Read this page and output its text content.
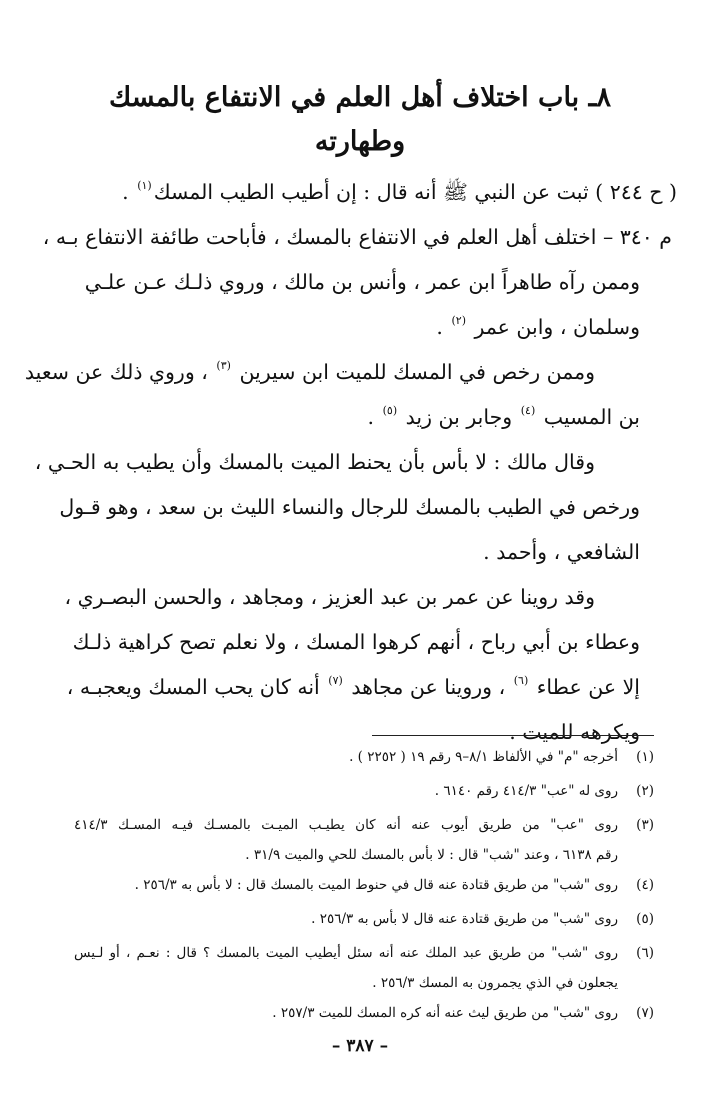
٨ـ باب اختلاف أهل العلم في الانتفاع بالمسك وطهارته
( ح ٢٤٤ ) ثبت عن النبي ﷺ أنه قال : إن أطيب الطيب المسك$^{(١)}$ .
م ٣٤٠ – اختلف أهل العلم في الانتفاع بالمسك ، فأباحت طائفة الانتفاع بـه ،
وممن رآه طاهراً ابن عمر ، وأنس بن مالك ، وروي ذلـك عـن علـي
وسلمان ، وابن عمر $^{(٢)}$ .
وممن رخص في المسك للميت ابن سيرين $^{(٣)}$ ، وروي ذلك عن سعيد
بن المسيب $^{(٤)}$ وجابر بن زيد $^{(٥)}$ .
وقال مالك : لا بأس بأن يحنط الميت بالمسك وأن يطيب به الحـي ،
ورخص في الطيب بالمسك للرجال والنساء الليث بن سعد ، وهو قـول
الشافعي ، وأحمد .
وقد روينا عن عمر بن عبد العزيز ، ومجاهد ، والحسن البصـري ،
وعطاء بن أبي رباح ، أنهم كرهوا المسك ، ولا نعلم تصح كراهية ذلـك
إلا عن عطاء $^{(٦)}$ ، وروينا عن مجاهد $^{(٧)}$ أنه كان يحب المسك ويعجبـه ،
ويكرهه للميت .
(١)
أخرجه "م" في الألفاظ ٨/١–٩ رقم ١٩ ( ٢٢٥٢ ) .
(٢)
روى له "عب" ٤١٤/٣ رقم ٦١٤٠ .
(٣)
روى "عب" من طريق أيوب عنه أنه كان يطيـب الميـت بالمسـك فيـه المسـك ٤١٤/٣
رقم ٦١٣٨ ، وعند "شب" قال : لا بأس بالمسك للحي والميت ٣١/٩ .
(٤)
روى "شب" من طريق قتادة عنه قال في حنوط الميت بالمسك قال : لا بأس به ٢٥٦/٣ .
(٥)
روى "شب" من طريق قتادة عنه قال لا بأس به ٢٥٦/٣ .
(٦)
روى "شب" من طريق عبد الملك عنه أنه سئل أيطيب الميت بالمسك ؟ قال : نعـم ، أو لـيس
يجعلون في الذي يجمرون به المسك ٢٥٦/٣ .
(٧)
روى "شب" من طريق ليث عنه أنه كره المسك للميت ٢٥٧/٣ .
– ٣٨٧ –
